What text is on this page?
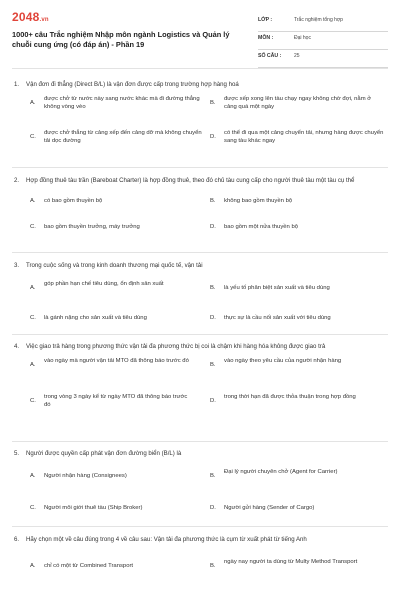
2048.vn
1000+ câu Trắc nghiệm Nhập môn ngành Logistics và Quản lý chuỗi cung ứng (có đáp án) - Phần 19
LỚP :	Trắc nghiệm tổng hợp
MÔN :	Đại học
SỐ CÂU :	25
1. Vận đơn đi thẳng (Direct B/L) là vận đơn được cấp trong trường hợp hàng hoá
A.
được chở từ nước này sang nước khác mà đi đường thẳng không vòng vèo
B.
được xếp xong lên tàu chạy ngay không chờ đợi, nằm ở cảng quá một ngày
C.
được chở thẳng từ cảng xếp đến cảng dỡ mà không chuyển tải dọc đường
D.
có thể đi qua một cảng chuyển tải, nhưng hàng được chuyển sang tàu khác ngay
2. Hợp đồng thuê tàu trần (Bareboat Charter) là hợp đồng thuê, theo đó chủ tàu cung cấp cho người thuê tàu một tàu cụ thể
A. có bao gồm thuyền bộ	B. không bao gồm thuyền bộ
C. bao gồm thuyền trưởng, máy trưởng	D. bao gồm một nửa thuyền bộ
3. Trong cuộc sống và trong kinh doanh thương mại quốc tế, vận tải
A.
góp phần hạn chế tiêu dùng, ổn định sản xuất
B. là yếu tố phân biệt sản xuất và tiêu dùng
C. là gánh nặng cho sản xuất và tiêu dùng	D. thực sự là cầu nối sản xuất với tiêu dùng
4. Việc giao trả hàng trong phương thức vận tải đa phương thức bị coi là chậm khi hàng hóa không được giao trả
A.
vào ngày mà người vận tải MTO đã thông báo trước đó
B.
vào ngày theo yêu cầu của người nhận hàng
C.
trong vòng 3 ngày kể từ ngày MTO đã thông báo trước đó
D.
trong thời hạn đã được thỏa thuận trong hợp đồng
5. Người được quyền cấp phát vận đơn đường biển (B/L) là
A. Người nhận hàng (Consignees)	B.
Đại lý người chuyên chở (Agent for Carrier)
C. Người môi giới thuê tàu (Ship Broker)	D. Người gửi hàng (Sender of Cargo)
6. Hãy chọn một về câu đúng trong 4 về câu sau: Vận tải đa phương thức là cụm từ xuất phát từ tiếng Anh
A. chỉ có một từ Combined Transport	B.
ngày nay người ta dùng từ Multy Method Transport
